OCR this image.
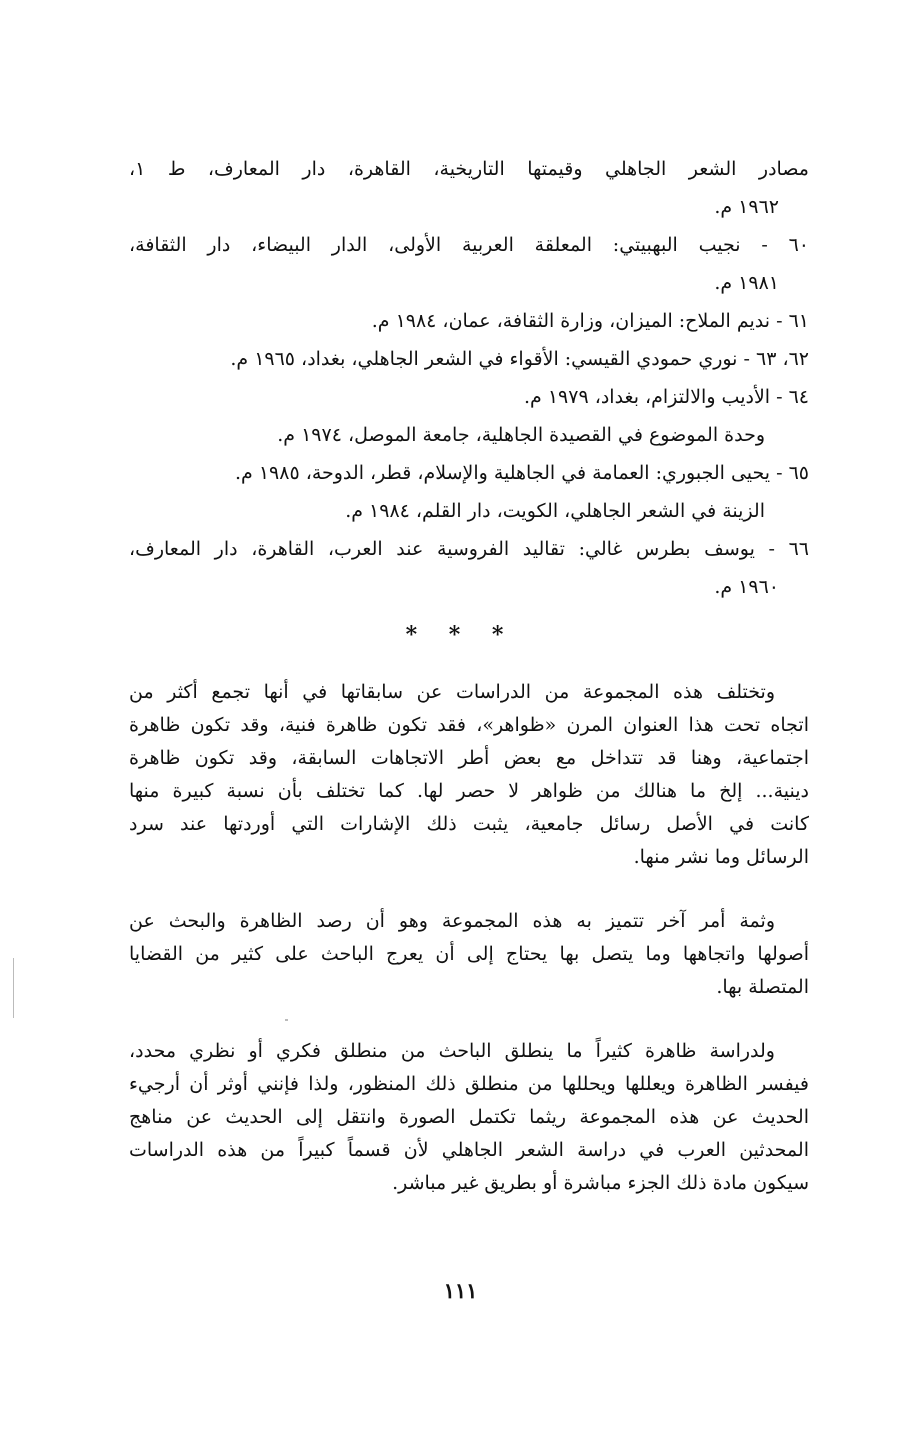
مصادر الشعر الجاهلي وقيمتها التاريخية، القاهرة، دار المعارف، ط ١،
١٩٦٢ م.
٦٠ - نجيب البهبيتي: المعلقة العربية الأولى، الدار البيضاء، دار الثقافة،
١٩٨١ م.
٦١ - نديم الملاح: الميزان، وزارة الثقافة، عمان، ١٩٨٤ م.
٦٢، ٦٣ - نوري حمودي القيسي: الأقواء في الشعر الجاهلي، بغداد، ١٩٦٥ م.
٦٤ - الأديب والالتزام، بغداد، ١٩٧٩ م.
وحدة الموضوع في القصيدة الجاهلية، جامعة الموصل، ١٩٧٤ م.
٦٥ - يحيى الجبوري: العمامة في الجاهلية والإسلام، قطر، الدوحة، ١٩٨٥ م.
الزينة في الشعر الجاهلي، الكويت، دار القلم، ١٩٨٤ م.
٦٦ - يوسف بطرس غالي: تقاليد الفروسية عند العرب، القاهرة، دار المعارف،
١٩٦٠ م.
* * *
وتختلف هذه المجموعة من الدراسات عن سابقاتها في أنها تجمع أكثر من
اتجاه تحت هذا العنوان المرن «ظواهر»، فقد تكون ظاهرة فنية، وقد تكون ظاهرة
اجتماعية، وهنا قد تتداخل مع بعض أطر الاتجاهات السابقة، وقد تكون ظاهرة
دينية... إلخ ما هنالك من ظواهر لا حصر لها. كما تختلف بأن نسبة كبيرة منها
كانت في الأصل رسائل جامعية، يثبت ذلك الإشارات التي أوردتها عند سرد
الرسائل وما نشر منها.
وثمة أمر آخر تتميز به هذه المجموعة وهو أن رصد الظاهرة والبحث عن
أصولها واتجاهها وما يتصل بها يحتاج إلى أن يعرج الباحث على كثير من القضايا
المتصلة بها.
ولدراسة ظاهرة كثيراً ما ينطلق الباحث من منطلق فكري أو نظري محدد،
فيفسر الظاهرة ويعللها ويحللها من منطلق ذلك المنظور، ولذا فإنني أوثر أن أرجيء
الحديث عن هذه المجموعة ريثما تكتمل الصورة وانتقل إلى الحديث عن مناهج
المحدثين العرب في دراسة الشعر الجاهلي لأن قسماً كبيراً من هذه الدراسات
سيكون مادة ذلك الجزء مباشرة أو بطريق غير مباشر.
١١١
